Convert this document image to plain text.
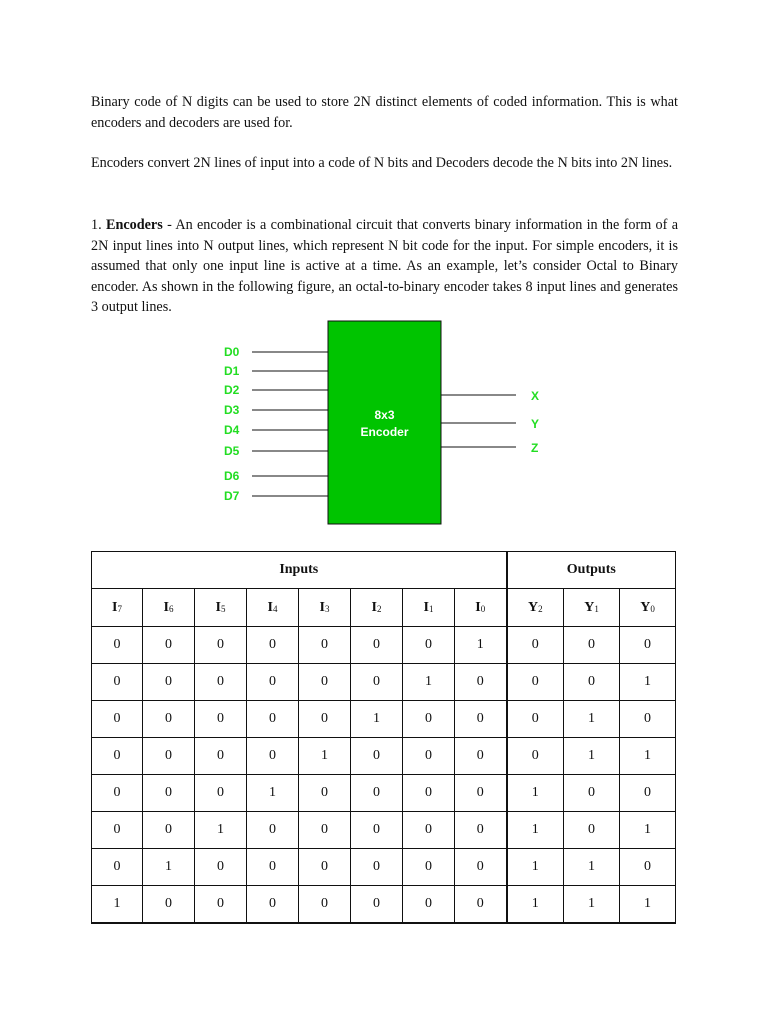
Binary code of N digits can be used to store 2N distinct elements of coded information. This is what encoders and decoders are used for.

Encoders convert 2N lines of input into a code of N bits and Decoders decode the N bits into 2N lines.

1. Encoders - An encoder is a combinational circuit that converts binary information in the form of a 2N input lines into N output lines, which represent N bit code for the input. For simple encoders, it is assumed that only one input line is active at a time. As an example, let’s consider Octal to Binary encoder. As shown in the following figure, an octal-to-binary encoder takes 8 input lines and generates 3 output lines.

8x3
Encoder
D0
D1
D2
D3
D4
D5
D6
D7
X
Y
Z
Inputs								Outputs		
I7	I6	I5	I4	I3	I2	I1	I0	Y2	Y1	Y0
0	0	0	0	0	0	0	1	0	0	0
0	0	0	0	0	0	1	0	0	0	1
0	0	0	0	0	1	0	0	0	1	0
0	0	0	0	1	0	0	0	0	1	1
0	0	0	1	0	0	0	0	1	0	0
0	0	1	0	0	0	0	0	1	0	1
0	1	0	0	0	0	0	0	1	1	0
1	0	0	0	0	0	0	0	1	1	1
